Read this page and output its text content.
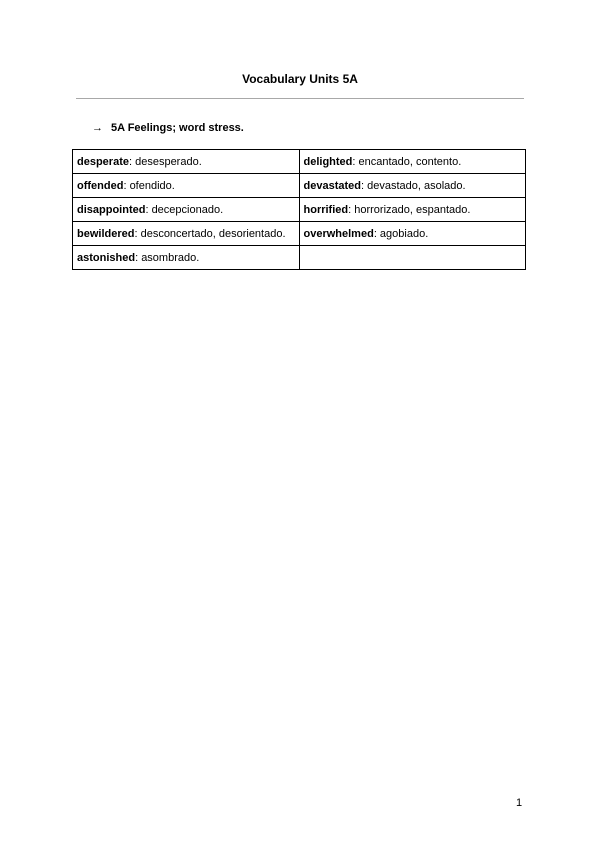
Vocabulary Units 5A
→ 5A Feelings; word stress.
desperate: desesperado.	delighted: encantado, contento.
offended: ofendido.	devastated: devastado, asolado.
disappointed: decepcionado.	horrified: horrorizado, espantado.
bewildered: desconcertado, desorientado.	overwhelmed: agobiado.
astonished: asombrado.	
1
